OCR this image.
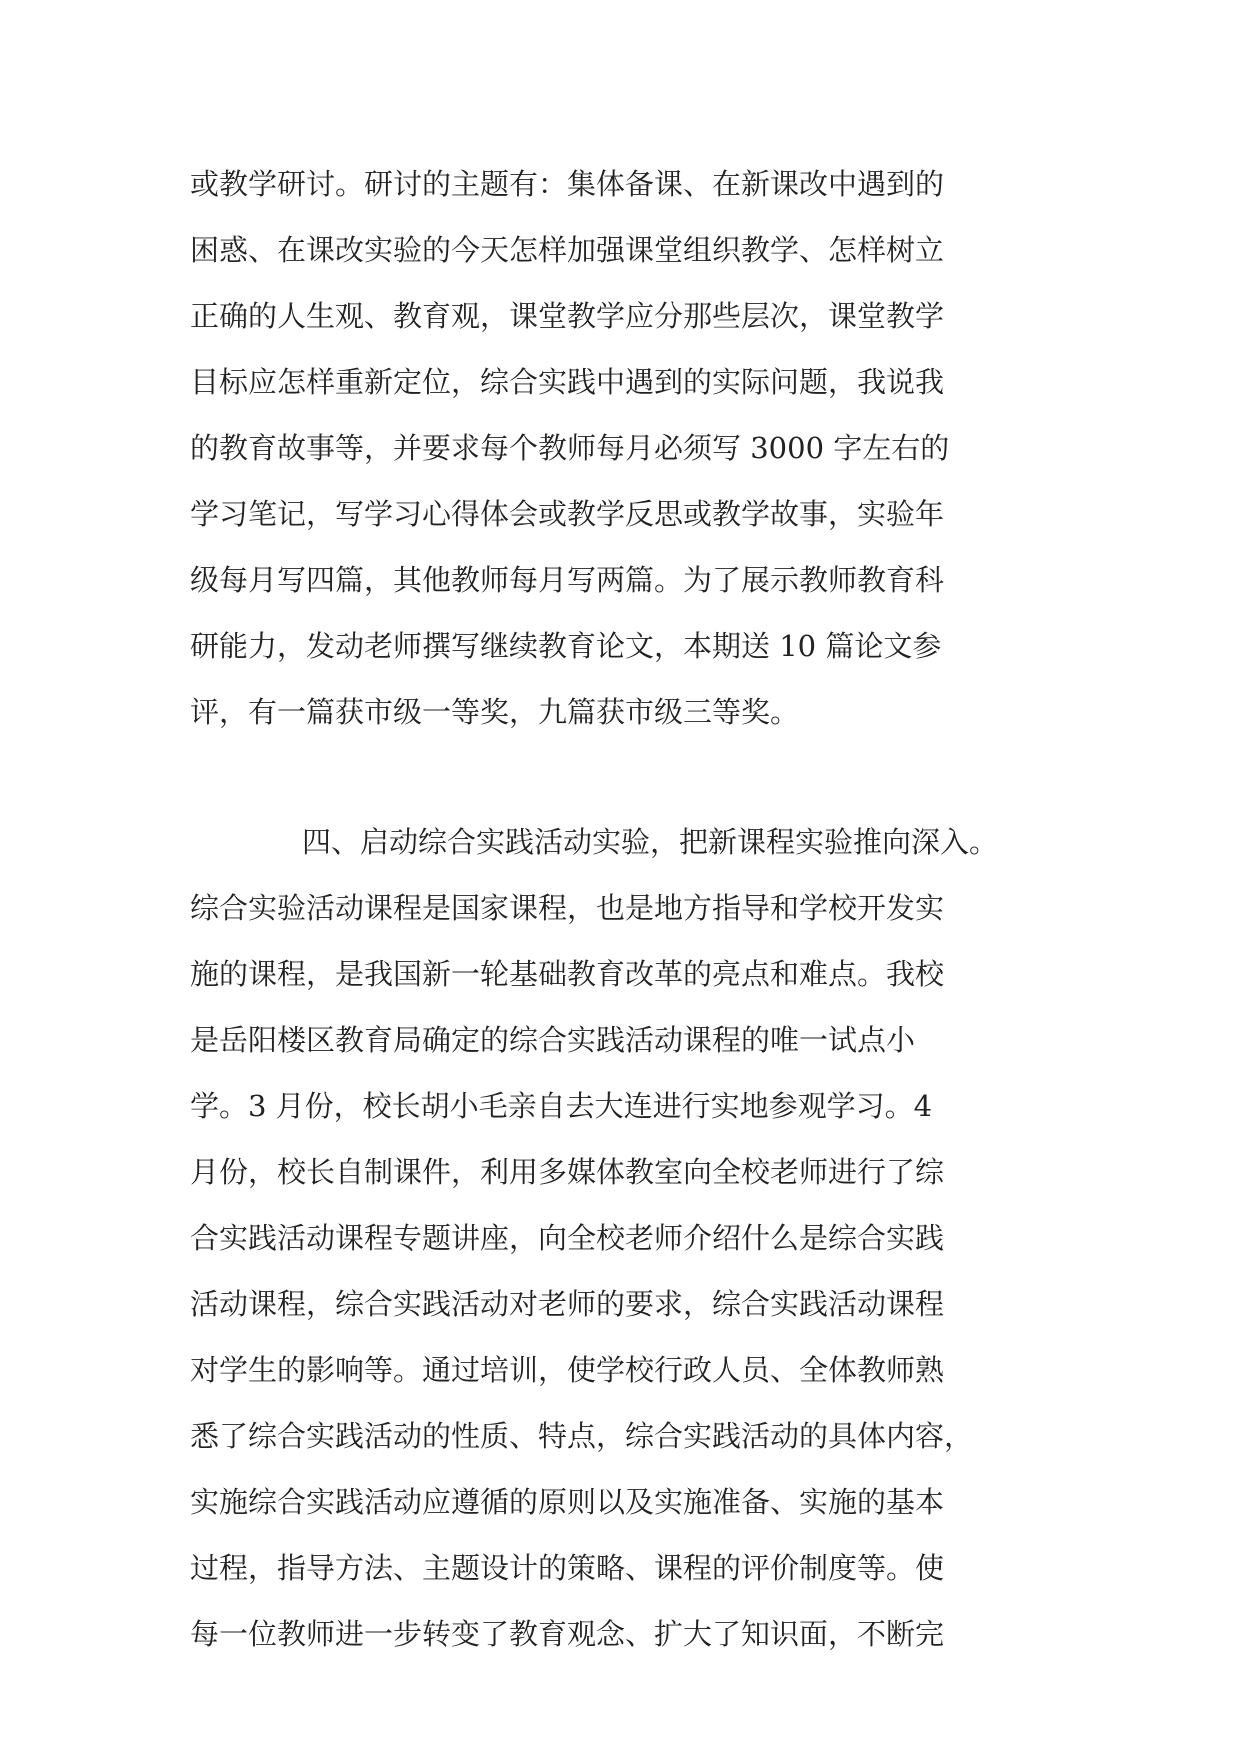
或教学研讨。研讨的主题有：集体备课、在新课改中遇到的
困惑、在课改实验的今天怎样加强课堂组织教学、怎样树立
正确的人生观、教育观，课堂教学应分那些层次，课堂教学
目标应怎样重新定位，综合实践中遇到的实际问题，我说我
的教育故事等，并要求每个教师每月必须写 3000 字左右的
学习笔记，写学习心得体会或教学反思或教学故事，实验年
级每月写四篇，其他教师每月写两篇。为了展示教师教育科
研能力，发动老师撰写继续教育论文，本期送 10 篇论文参
评，有一篇获市级一等奖，九篇获市级三等奖。
四、启动综合实践活动实验，把新课程实验推向深入。
综合实验活动课程是国家课程，也是地方指导和学校开发实
施的课程，是我国新一轮基础教育改革的亮点和难点。我校
是岳阳楼区教育局确定的综合实践活动课程的唯一试点小
学。3 月份，校长胡小毛亲自去大连进行实地参观学习。4
月份，校长自制课件，利用多媒体教室向全校老师进行了综
合实践活动课程专题讲座，向全校老师介绍什么是综合实践
活动课程，综合实践活动对老师的要求，综合实践活动课程
对学生的影响等。通过培训，使学校行政人员、全体教师熟
悉了综合实践活动的性质、特点，综合实践活动的具体内容，
实施综合实践活动应遵循的原则以及实施准备、实施的基本
过程，指导方法、主题设计的策略、课程的评价制度等。使
每一位教师进一步转变了教育观念、扩大了知识面，不断完
